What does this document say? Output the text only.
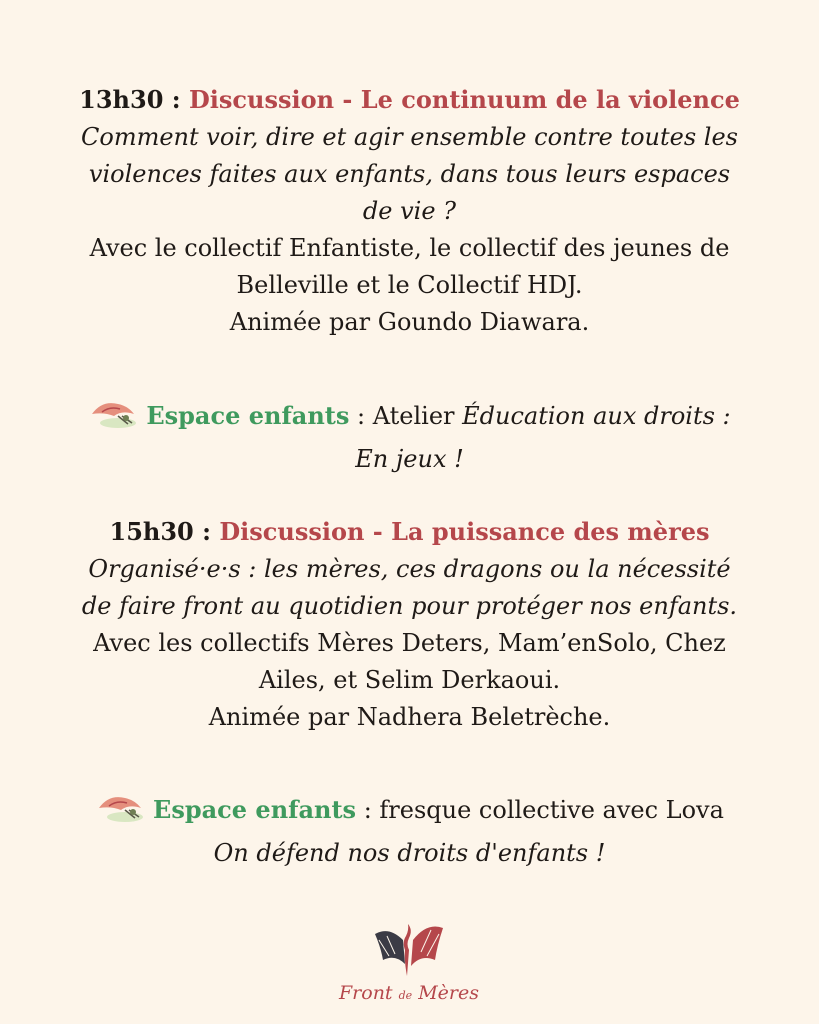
13h30 : Discussion - Le continuum de la violence
Comment voir, dire et agir ensemble contre toutes les
violences faites aux enfants, dans tous leurs espaces
de vie ?
Avec le collectif Enfantiste, le collectif des jeunes de
Belleville et le Collectif HDJ.
Animée par Goundo Diawara.
Espace enfants : Atelier Éducation aux droits :
En jeux !
15h30 : Discussion - La puissance des mères
Organisé·e·s : les mères, ces dragons ou la nécessité
de faire front au quotidien pour protéger nos enfants.
Avec les collectifs Mères Deters, Mam’enSolo, Chez
Ailes, et Selim Derkaoui.
Animée par Nadhera Beletrèche.
Espace enfants : fresque collective avec Lova
On défend nos droits d'enfants !
Front de Mères
